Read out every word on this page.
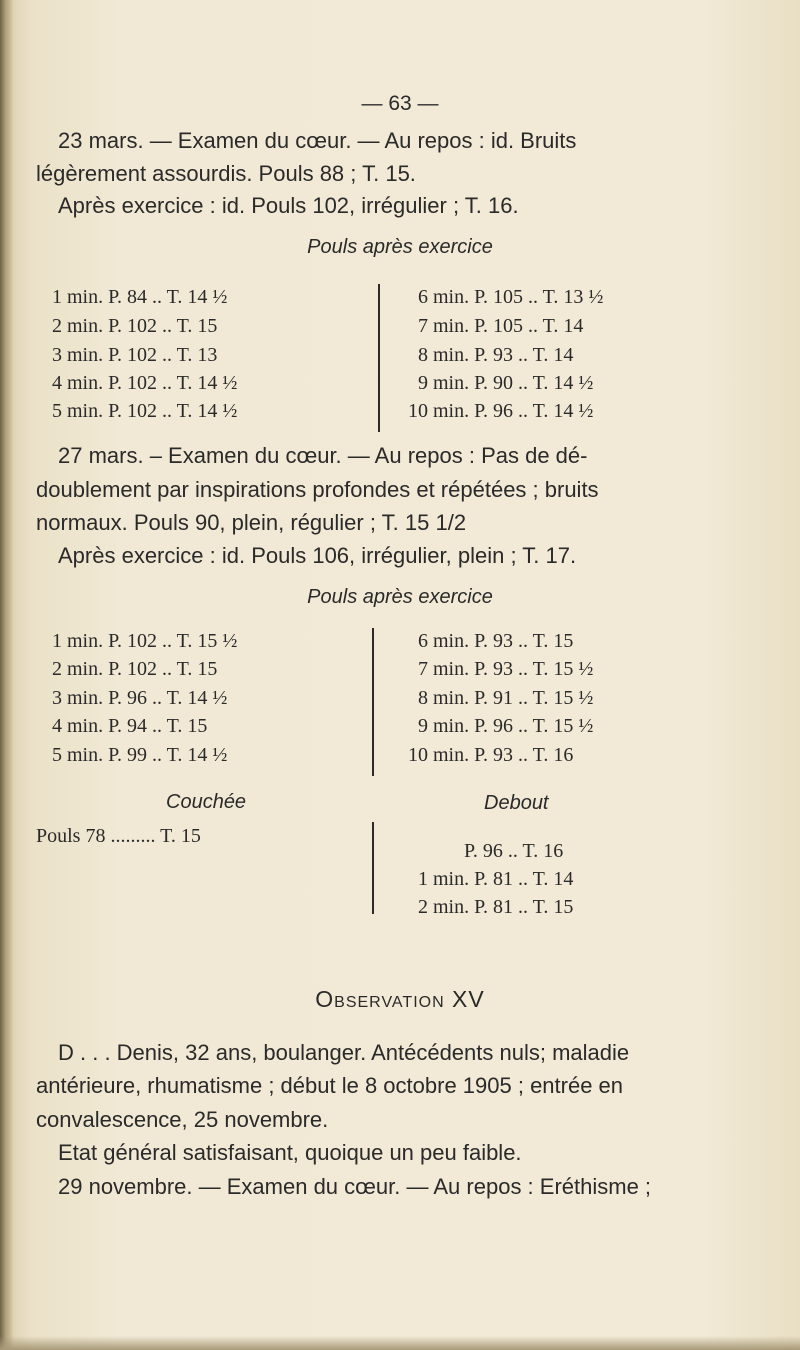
— 63 —
23 mars. — Examen du cœur. — Au repos : id. Bruits
légèrement assourdis. Pouls 88 ; T. 15.
Après exercice : id. Pouls 102, irrégulier ; T. 16.
Pouls après exercice
1 min. P. 84 .. T. 14 ½
2 min. P. 102 .. T. 15
3 min. P. 102 .. T. 13
4 min. P. 102 .. T. 14 ½
5 min. P. 102 .. T. 14 ½
6 min. P. 105 .. T. 13 ½
7 min. P. 105 .. T. 14
8 min. P. 93 .. T. 14
9 min. P. 90 .. T. 14 ½
10 min. P. 96 .. T. 14 ½
27 mars. – Examen du cœur. — Au repos : Pas de dé-
doublement par inspirations profondes et répétées ; bruits
normaux. Pouls 90, plein, régulier ; T. 15 1/2
Après exercice : id. Pouls 106, irrégulier, plein ; T. 17.
Pouls après exercice
1 min. P. 102 .. T. 15 ½
2 min. P. 102 .. T. 15
3 min. P. 96 .. T. 14 ½
4 min. P. 94 .. T. 15
5 min. P. 99 .. T. 14 ½
6 min. P. 93 .. T. 15
7 min. P. 93 .. T. 15 ½
8 min. P. 91 .. T. 15 ½
9 min. P. 96 .. T. 15 ½
10 min. P. 93 .. T. 16
Couchée	Debout
Pouls 78 ......... T. 15
P. 96 .. T. 16
1 min. P. 81 .. T. 14
2 min. P. 81 .. T. 15
Observation XV
D . . . Denis, 32 ans, boulanger. Antécédents nuls; maladie
antérieure, rhumatisme ; début le 8 octobre 1905 ; entrée en
convalescence, 25 novembre.
Etat général satisfaisant, quoique un peu faible.
29 novembre. — Examen du cœur. — Au repos : Eréthisme ;
